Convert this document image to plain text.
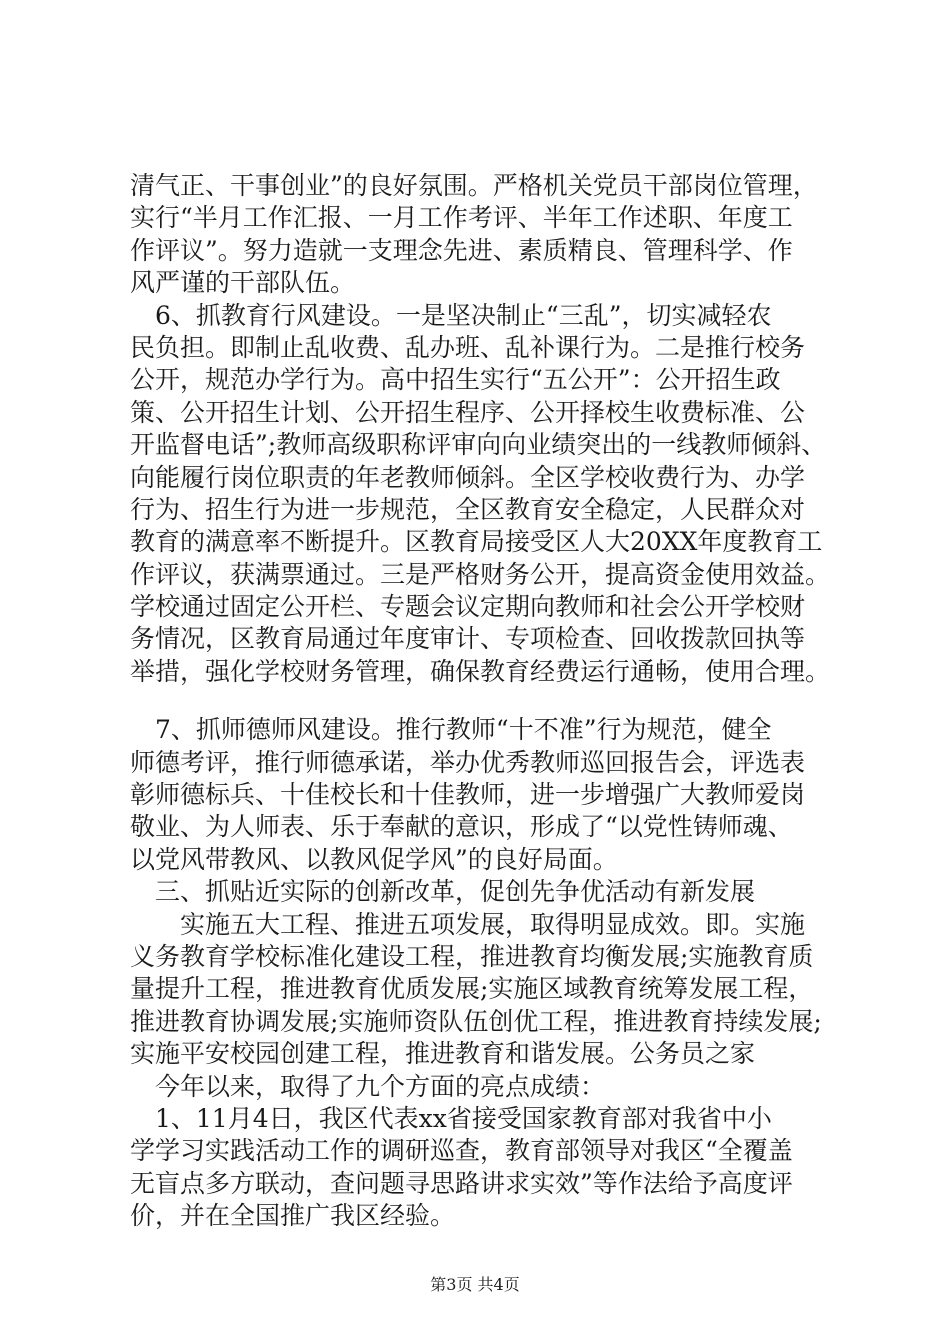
清气正、干事创业”的良好氛围。严格机关党员干部岗位管理，
实行“半月工作汇报、一月工作考评、半年工作述职、年度工
作评议”。努力造就一支理念先进、素质精良、管理科学、作
风严谨的干部队伍。
　6、抓教育行风建设。一是坚决制止“三乱”，切实减轻农
民负担。即制止乱收费、乱办班、乱补课行为。二是推行校务
公开，规范办学行为。高中招生实行“五公开”：公开招生政
策、公开招生计划、公开招生程序、公开择校生收费标准、公
开监督电话”;教师高级职称评审向向业绩突出的一线教师倾斜、
向能履行岗位职责的年老教师倾斜。全区学校收费行为、办学
行为、招生行为进一步规范，全区教育安全稳定，人民群众对
教育的满意率不断提升。区教育局接受区人大20XX年度教育工
作评议，获满票通过。三是严格财务公开，提高资金使用效益。
学校通过固定公开栏、专题会议定期向教师和社会公开学校财
务情况，区教育局通过年度审计、专项检查、回收拨款回执等
举措，强化学校财务管理，确保教育经费运行通畅，使用合理。
　7、抓师德师风建设。推行教师“十不准”行为规范，健全
师德考评，推行师德承诺，举办优秀教师巡回报告会，评选表
彰师德标兵、十佳校长和十佳教师，进一步增强广大教师爱岗
敬业、为人师表、乐于奉献的意识，形成了“以党性铸师魂、
以党风带教风、以教风促学风”的良好局面。
　三、抓贴近实际的创新改革，促创先争优活动有新发展
　　实施五大工程、推进五项发展，取得明显成效。即。实施
义务教育学校标准化建设工程，推进教育均衡发展;实施教育质
量提升工程，推进教育优质发展;实施区域教育统筹发展工程，
推进教育协调发展;实施师资队伍创优工程，推进教育持续发展;
实施平安校园创建工程，推进教育和谐发展。公务员之家
　今年以来，取得了九个方面的亮点成绩：
　1、11月4日，我区代表xx省接受国家教育部对我省中小
学学习实践活动工作的调研巡查，教育部领导对我区“全覆盖
无盲点多方联动，查问题寻思路讲求实效”等作法给予高度评
价，并在全国推广我区经验。
第3页 共4页
